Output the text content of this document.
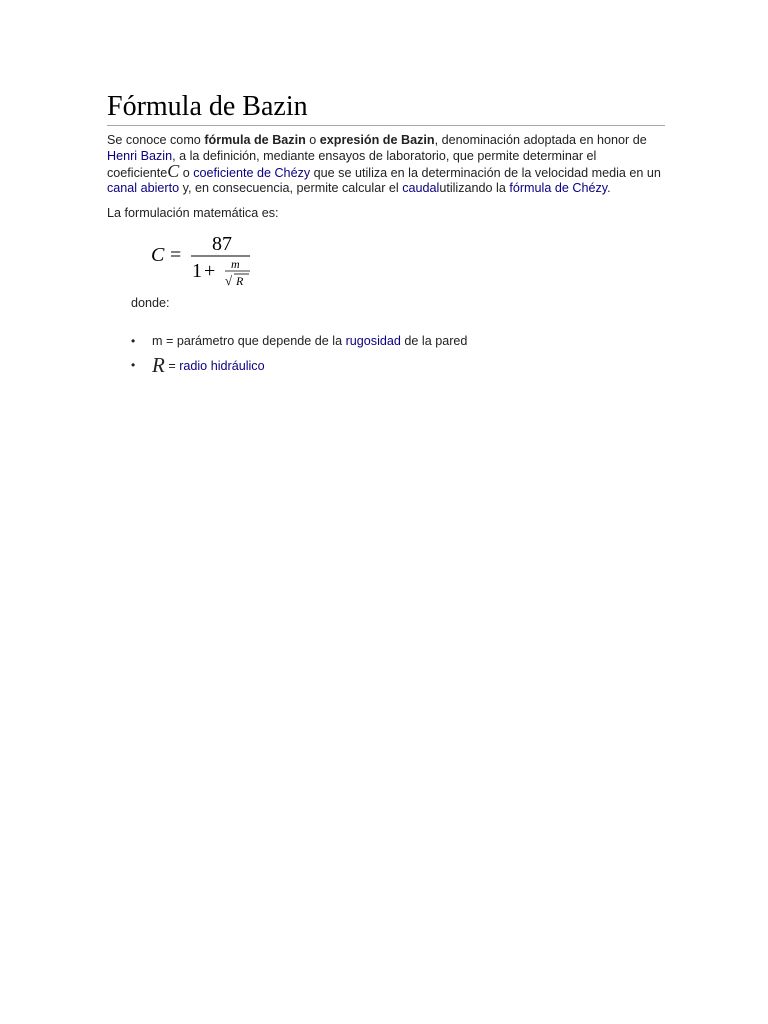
Fórmula de Bazin

Se conoce como fórmula de Bazin o expresión de Bazin, denominación adoptada en honor de Henri Bazin, a la definición, mediante ensayos de laboratorio, que permite determinar el coeficienteC o coeficiente de Chézy que se utiliza en la determinación de la velocidad media en un canal abierto y, en consecuencia, permite calcular el caudalutilizando la fórmula de Chézy.

La formulación matemática es:

C = 87
1 + m
√ R

donde:

• m = parámetro que depende de la rugosidad de la pared
• R = radio hidráulico
